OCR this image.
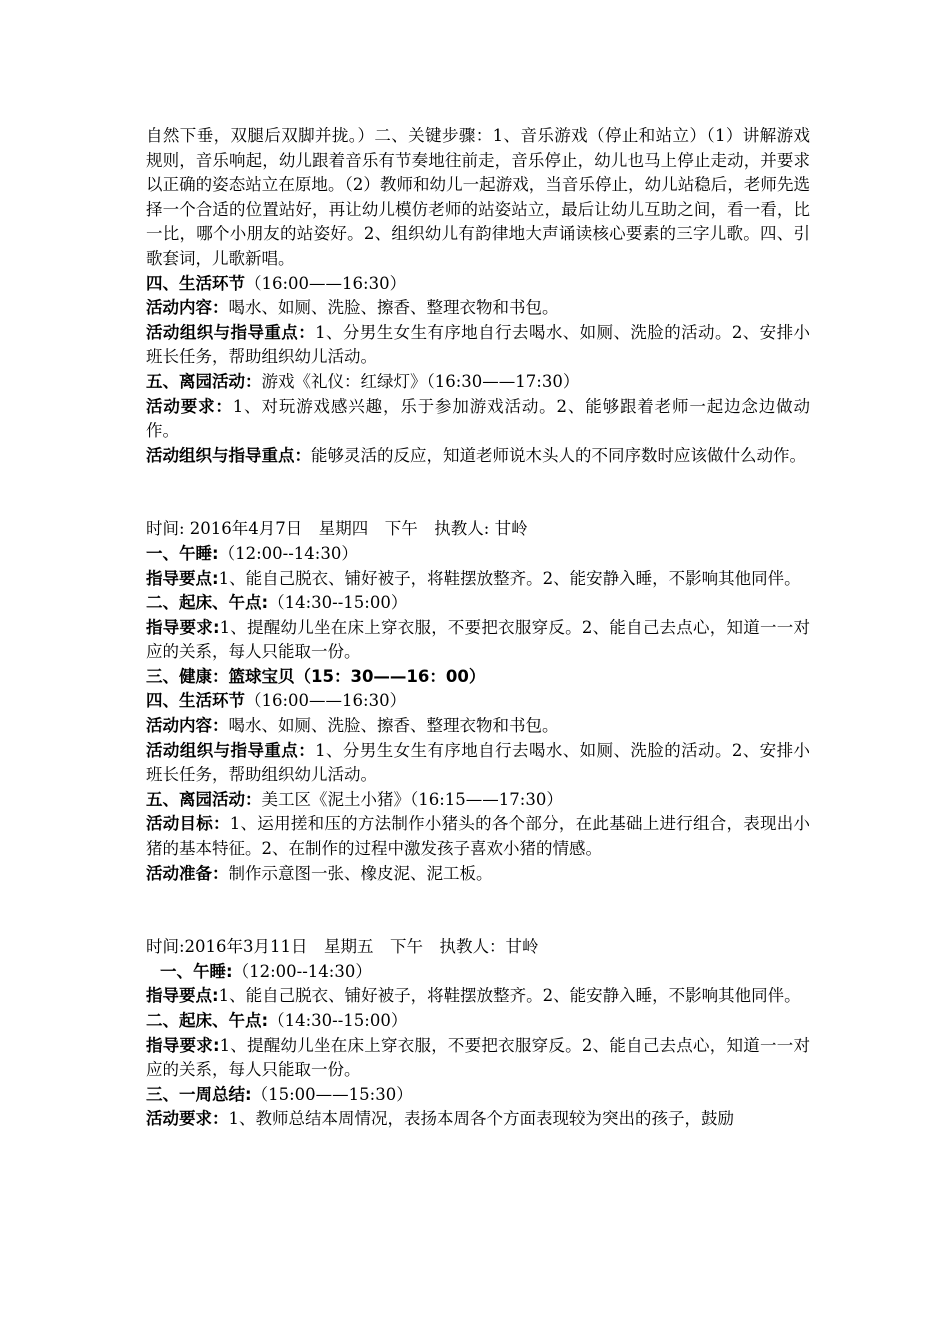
自然下垂，双腿后双脚并拢。）二、关键步骤：1、音乐游戏（停止和站立）（1）讲解游戏规则，音乐响起，幼儿跟着音乐有节奏地往前走，音乐停止，幼儿也马上停止走动，并要求以正确的姿态站立在原地。（2）教师和幼儿一起游戏，当音乐停止，幼儿站稳后，老师先选择一个合适的位置站好，再让幼儿模仿老师的站姿站立，最后让幼儿互助之间，看一看，比一比，哪个小朋友的站姿好。2、组织幼儿有韵律地大声诵读核心要素的三字儿歌。四、引歌套词，儿歌新唱。
四、生活环节（16:00——16:30）
活动内容：喝水、如厕、洗脸、擦香、整理衣物和书包。
活动组织与指导重点：1、分男生女生有序地自行去喝水、如厕、洗脸的活动。2、安排小班长任务，帮助组织幼儿活动。
五、离园活动：游戏《礼仪：红绿灯》（16:30——17:30）
活动要求：1、对玩游戏感兴趣，乐于参加游戏活动。2、能够跟着老师一起边念边做动作。
活动组织与指导重点：能够灵活的反应，知道老师说木头人的不同序数时应该做什么动作。
时间: 2016年4月7日　星期四　下午　执教人: 甘岭
一、午睡:（12:00--14:30）
指导要点:1、能自己脱衣、铺好被子，将鞋摆放整齐。2、能安静入睡，不影响其他同伴。
二、起床、午点:（14:30--15:00）
指导要求:1、提醒幼儿坐在床上穿衣服，不要把衣服穿反。2、能自己去点心，知道一一对应的关系，每人只能取一份。
三、健康：篮球宝贝（15：30——16：00）
四、生活环节（16:00——16:30）
活动内容：喝水、如厕、洗脸、擦香、整理衣物和书包。
活动组织与指导重点：1、分男生女生有序地自行去喝水、如厕、洗脸的活动。2、安排小班长任务，帮助组织幼儿活动。
五、离园活动：美工区《泥土小猪》（16:15——17:30）
活动目标：1、运用搓和压的方法制作小猪头的各个部分，在此基础上进行组合，表现出小猪的基本特征。2、在制作的过程中激发孩子喜欢小猪的情感。
活动准备：制作示意图一张、橡皮泥、泥工板。
时间:2016年3月11日　星期五　下午　执教人：甘岭
一、午睡:（12:00--14:30）
指导要点:1、能自己脱衣、铺好被子，将鞋摆放整齐。2、能安静入睡，不影响其他同伴。
二、起床、午点:（14:30--15:00）
指导要求:1、提醒幼儿坐在床上穿衣服，不要把衣服穿反。2、能自己去点心，知道一一对应的关系，每人只能取一份。
三、一周总结:（15:00——15:30）
活动要求：1、教师总结本周情况，表扬本周各个方面表现较为突出的孩子，鼓励
